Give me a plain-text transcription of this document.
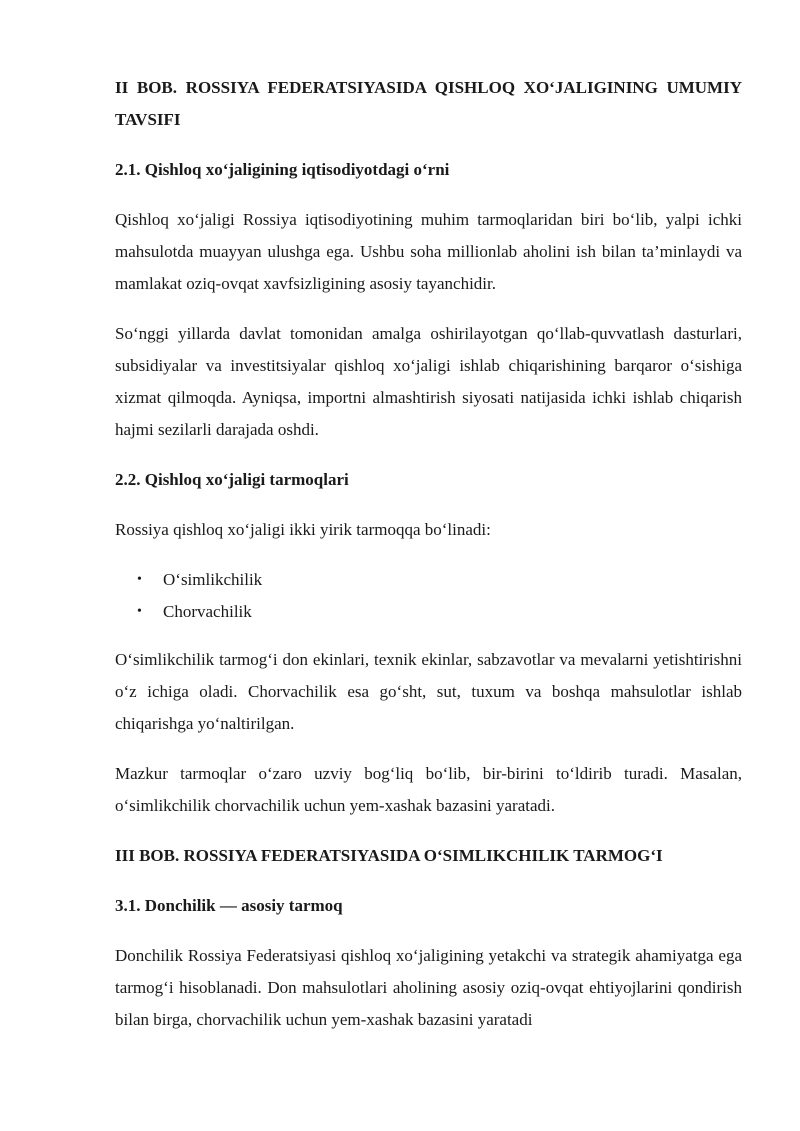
II BOB. ROSSIYA FEDERATSIYASIDA QISHLOQ XO‘JALIGINING UMUMIY TAVSIFI
2.1. Qishloq xo‘jaligining iqtisodiyotdagi o‘rni

Qishloq xo‘jaligi Rossiya iqtisodiyotining muhim tarmoqlaridan biri bo‘lib, yalpi ichki mahsulotda muayyan ulushga ega. Ushbu soha millionlab aholini ish bilan ta’minlaydi va mamlakat oziq-ovqat xavfsizligining asosiy tayanchidir.

So‘nggi yillarda davlat tomonidan amalga oshirilayotgan qo‘llab-quvvatlash dasturlari, subsidiyalar va investitsiyalar qishloq xo‘jaligi ishlab chiqarishining barqaror o‘sishiga xizmat qilmoqda. Ayniqsa, importni almashtirish siyosati natijasida ichki ishlab chiqarish hajmi sezilarli darajada oshdi.

2.2. Qishloq xo‘jaligi tarmoqlari

Rossiya qishloq xo‘jaligi ikki yirik tarmoqqa bo‘linadi:

• O‘simlikchilik
• Chorvachilik

O‘simlikchilik tarmog‘i don ekinlari, texnik ekinlar, sabzavotlar va mevalarni yetishtirishni o‘z ichiga oladi. Chorvachilik esa go‘sht, sut, tuxum va boshqa mahsulotlar ishlab chiqarishga yo‘naltirilgan.

Mazkur tarmoqlar o‘zaro uzviy bog‘liq bo‘lib, bir-birini to‘ldirib turadi. Masalan, o‘simlikchilik chorvachilik uchun yem-xashak bazasini yaratadi.

III BOB. ROSSIYA FEDERATSIYASIDA O‘SIMLIKCHILIK TARMOG‘I
3.1. Donchilik — asosiy tarmoq

Donchilik Rossiya Federatsiyasi qishloq xo‘jaligining yetakchi va strategik ahamiyatga ega tarmog‘i hisoblanadi. Don mahsulotlari aholining asosiy oziq-ovqat ehtiyojlarini qondirish bilan birga, chorvachilik uchun yem-xashak bazasini yaratadi
